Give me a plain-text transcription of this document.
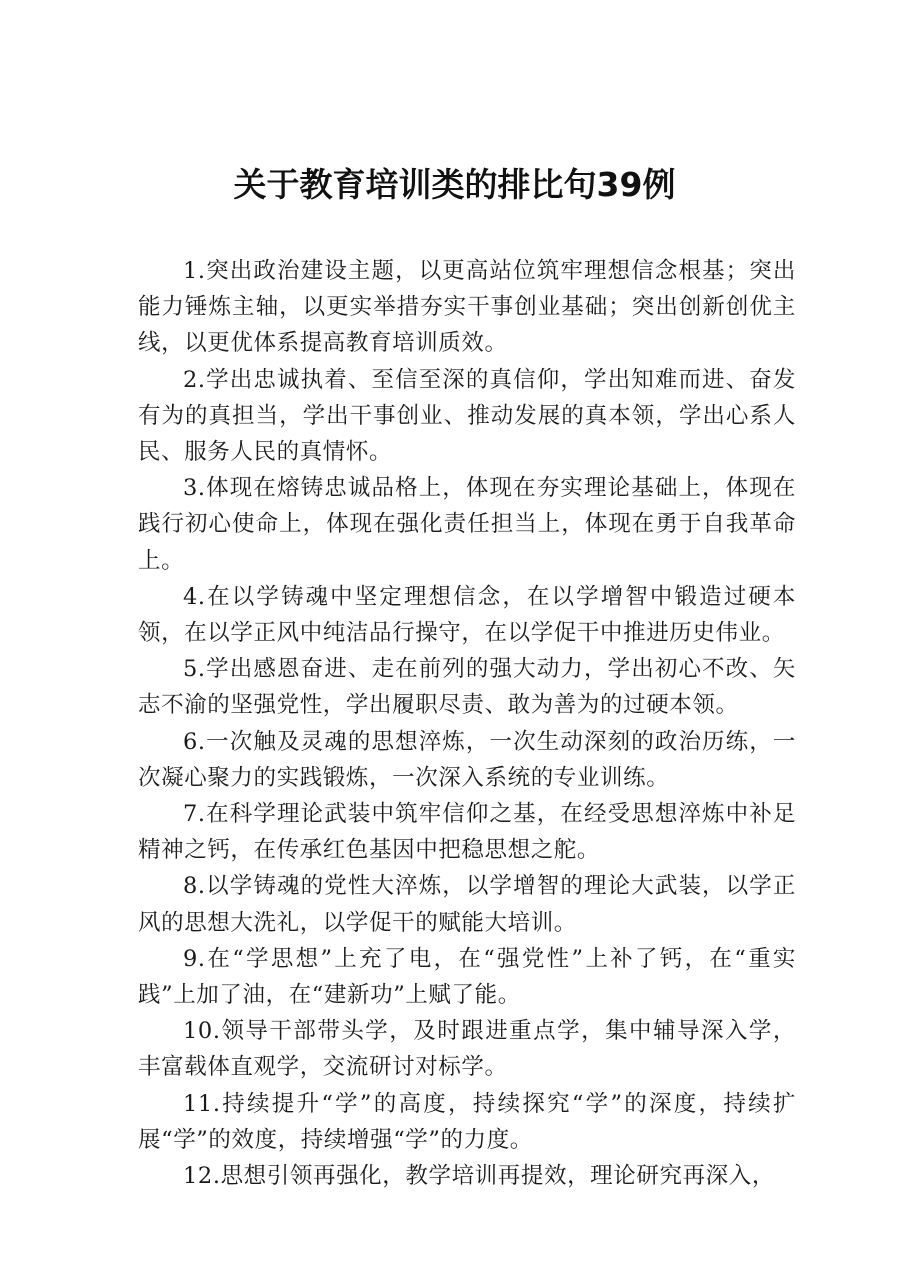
关于教育培训类的排比句39例

1.突出政治建设主题，以更高站位筑牢理想信念根基；突出能力锤炼主轴，以更实举措夯实干事创业基础；突出创新创优主线，以更优体系提高教育培训质效。

2.学出忠诚执着、至信至深的真信仰，学出知难而进、奋发有为的真担当，学出干事创业、推动发展的真本领，学出心系人民、服务人民的真情怀。

3.体现在熔铸忠诚品格上，体现在夯实理论基础上，体现在践行初心使命上，体现在强化责任担当上，体现在勇于自我革命上。

4.在以学铸魂中坚定理想信念，在以学增智中锻造过硬本领，在以学正风中纯洁品行操守，在以学促干中推进历史伟业。

5.学出感恩奋进、走在前列的强大动力，学出初心不改、矢志不渝的坚强党性，学出履职尽责、敢为善为的过硬本领。

6.一次触及灵魂的思想淬炼，一次生动深刻的政治历练，一次凝心聚力的实践锻炼，一次深入系统的专业训练。

7.在科学理论武装中筑牢信仰之基，在经受思想淬炼中补足精神之钙，在传承红色基因中把稳思想之舵。

8.以学铸魂的党性大淬炼，以学增智的理论大武装，以学正风的思想大洗礼，以学促干的赋能大培训。

9.在“学思想”上充了电，在“强党性”上补了钙，在“重实践”上加了油，在“建新功”上赋了能。

10.领导干部带头学，及时跟进重点学，集中辅导深入学，丰富载体直观学，交流研讨对标学。

11.持续提升“学”的高度，持续探究“学”的深度，持续扩展“学”的效度，持续增强“学”的力度。

12.思想引领再强化，教学培训再提效，理论研究再深入，
